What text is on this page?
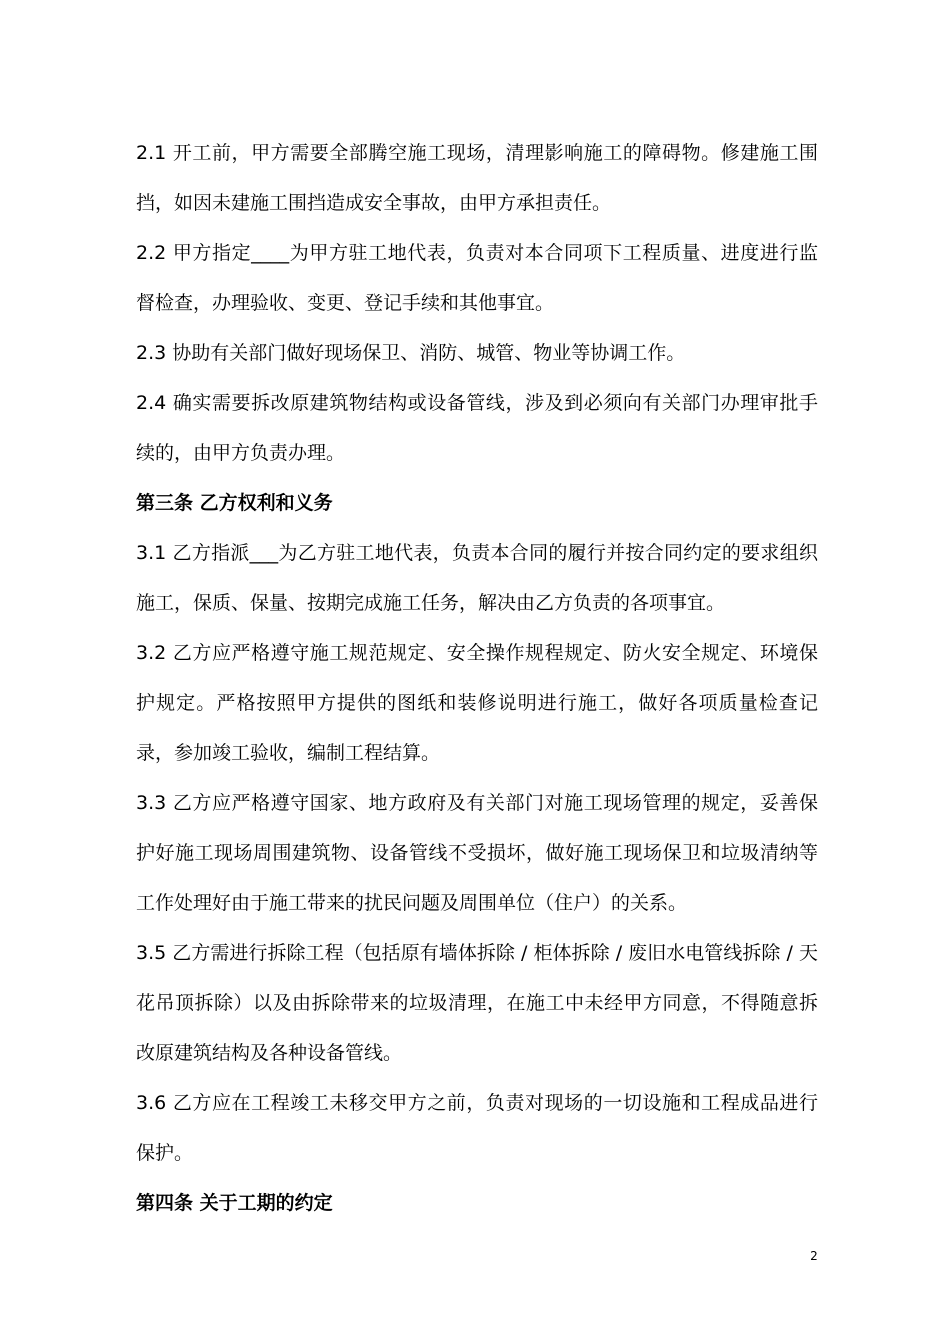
2.1 开工前，甲方需要全部腾空施工现场，清理影响施工的障碍物。修建施工围挡，如因未建施工围挡造成安全事故，由甲方承担责任。

2.2 甲方指定____为甲方驻工地代表，负责对本合同项下工程质量、进度进行监督检查，办理验收、变更、登记手续和其他事宜。

2.3 协助有关部门做好现场保卫、消防、城管、物业等协调工作。

2.4 确实需要拆改原建筑物结构或设备管线，涉及到必须向有关部门办理审批手续的，由甲方负责办理。

第三条 乙方权利和义务

3.1 乙方指派___为乙方驻工地代表，负责本合同的履行并按合同约定的要求组织施工，保质、保量、按期完成施工任务，解决由乙方负责的各项事宜。

3.2 乙方应严格遵守施工规范规定、安全操作规程规定、防火安全规定、环境保护规定。严格按照甲方提供的图纸和装修说明进行施工，做好各项质量检查记录，参加竣工验收，编制工程结算。

3.3 乙方应严格遵守国家、地方政府及有关部门对施工现场管理的规定，妥善保护好施工现场周围建筑物、设备管线不受损坏，做好施工现场保卫和垃圾清纳等工作处理好由于施工带来的扰民问题及周围单位（住户）的关系。

3.5 乙方需进行拆除工程（包括原有墙体拆除 / 柜体拆除 / 废旧水电管线拆除 / 天花吊顶拆除）以及由拆除带来的垃圾清理，在施工中未经甲方同意，不得随意拆改原建筑结构及各种设备管线。

3.6 乙方应在工程竣工未移交甲方之前，负责对现场的一切设施和工程成品进行保护。

第四条 关于工期的约定

2
